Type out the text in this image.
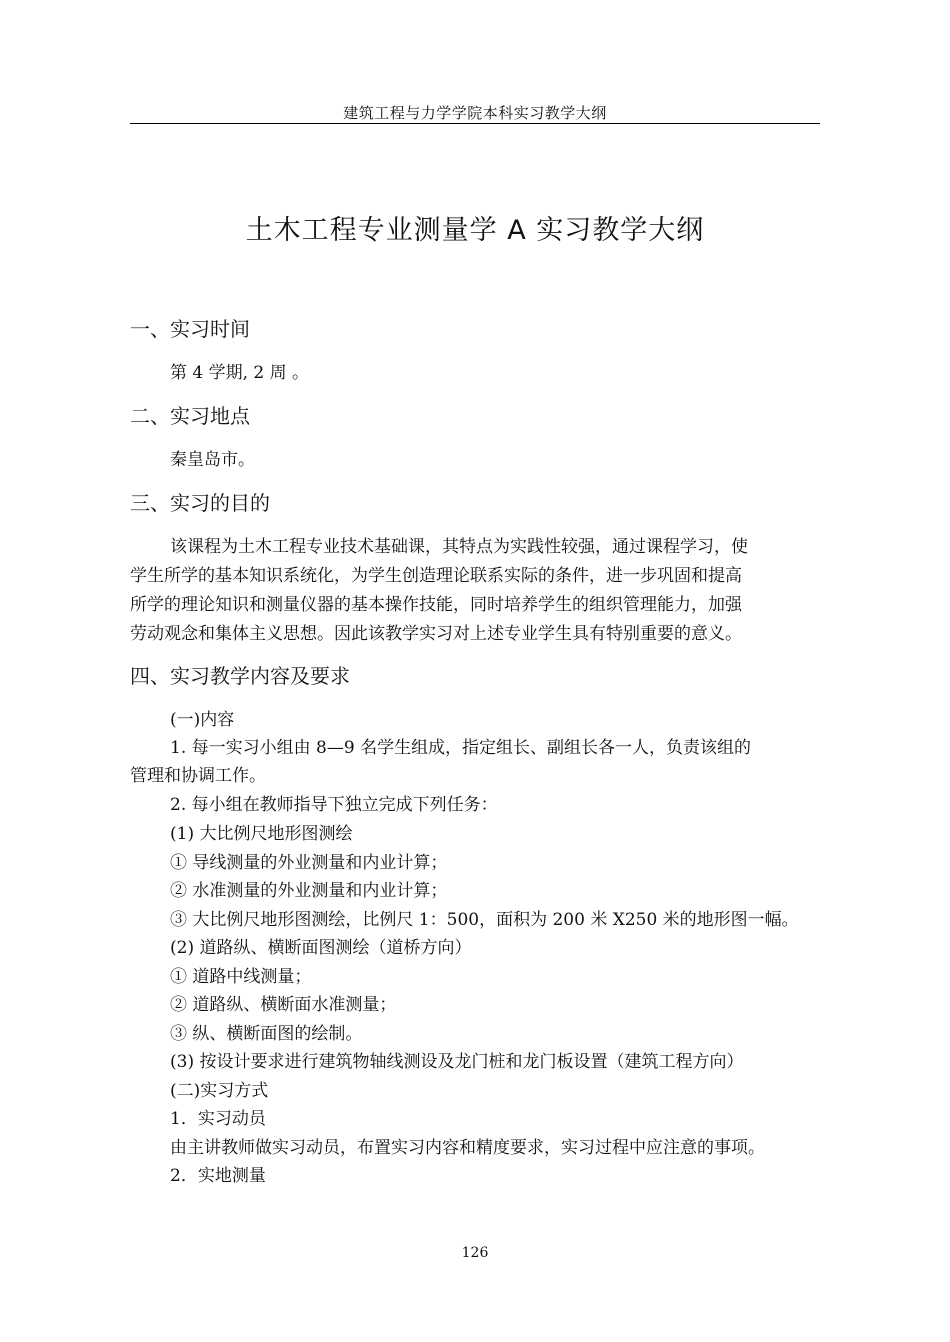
建筑工程与力学学院本科实习教学大纲
土木工程专业测量学 A 实习教学大纲
一、实习时间
第 4 学期, 2 周 。
二、实习地点
秦皇岛市。
三、实习的目的
该课程为土木工程专业技术基础课，其特点为实践性较强，通过课程学习，使
学生所学的基本知识系统化，为学生创造理论联系实际的条件，进一步巩固和提高
所学的理论知识和测量仪器的基本操作技能，同时培养学生的组织管理能力，加强
劳动观念和集体主义思想。因此该教学实习对上述专业学生具有特别重要的意义。
四、实习教学内容及要求
(一)内容
1. 每一实习小组由 8—9 名学生组成，指定组长、副组长各一人，负责该组的
管理和协调工作。
2. 每小组在教师指导下独立完成下列任务：
(1) 大比例尺地形图测绘
① 导线测量的外业测量和内业计算；
② 水准测量的外业测量和内业计算；
③ 大比例尺地形图测绘，比例尺 1：500，面积为 200 米 X250 米的地形图一幅。
(2) 道路纵、横断面图测绘（道桥方向）
① 道路中线测量；
② 道路纵、横断面水准测量；
③ 纵、横断面图的绘制。
(3) 按设计要求进行建筑物轴线测设及龙门桩和龙门板设置（建筑工程方向）
(二)实习方式
1．实习动员
由主讲教师做实习动员，布置实习内容和精度要求，实习过程中应注意的事项。
2．实地测量
126
